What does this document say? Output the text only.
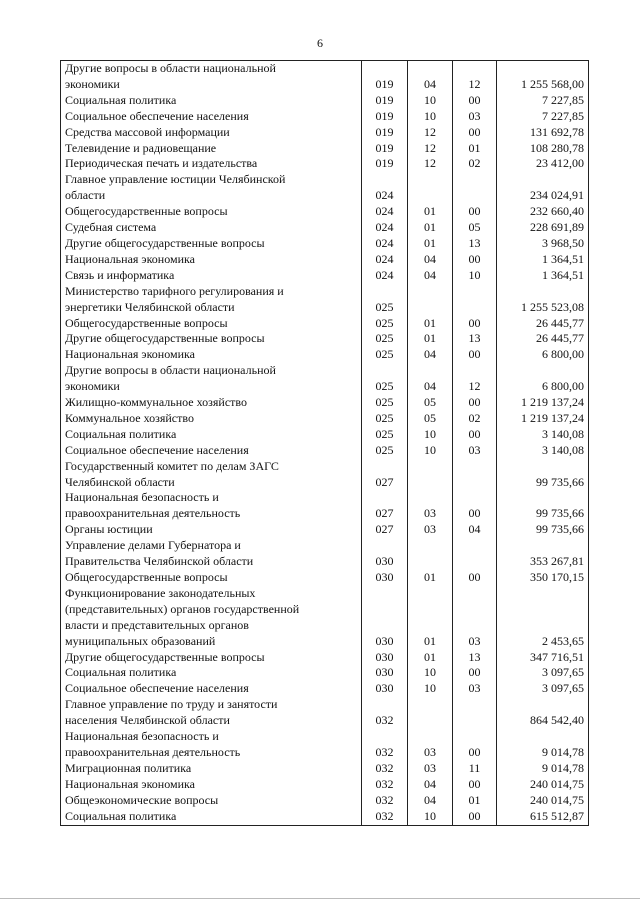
6
Другие вопросы в области национальной
экономики	019	04	12	1 255 568,00
Социальная политика	019	10	00	7 227,85
Социальное обеспечение населения	019	10	03	7 227,85
Средства массовой информации	019	12	00	131 692,78
Телевидение и радиовещание	019	12	01	108 280,78
Периодическая печать и издательства	019	12	02	23 412,00
Главное управление юстиции Челябинской
области	024			234 024,91
Общегосударственные вопросы	024	01	00	232 660,40
Судебная система	024	01	05	228 691,89
Другие общегосударственные вопросы	024	01	13	3 968,50
Национальная экономика	024	04	00	1 364,51
Связь и информатика	024	04	10	1 364,51
Министерство тарифного регулирования и
энергетики Челябинской области	025			1 255 523,08
Общегосударственные вопросы	025	01	00	26 445,77
Другие общегосударственные вопросы	025	01	13	26 445,77
Национальная экономика	025	04	00	6 800,00
Другие вопросы в области национальной
экономики	025	04	12	6 800,00
Жилищно-коммунальное хозяйство	025	05	00	1 219 137,24
Коммунальное хозяйство	025	05	02	1 219 137,24
Социальная политика	025	10	00	3 140,08
Социальное обеспечение населения	025	10	03	3 140,08
Государственный комитет по делам ЗАГС
Челябинской области	027			99 735,66
Национальная безопасность и
правоохранительная деятельность	027	03	00	99 735,66
Органы юстиции	027	03	04	99 735,66
Управление делами Губернатора и
Правительства Челябинской области	030			353 267,81
Общегосударственные вопросы	030	01	00	350 170,15
Функционирование законодательных
(представительных) органов государственной
власти и представительных органов
муниципальных образований	030	01	03	2 453,65
Другие общегосударственные вопросы	030	01	13	347 716,51
Социальная политика	030	10	00	3 097,65
Социальное обеспечение населения	030	10	03	3 097,65
Главное управление по труду и занятости
населения Челябинской области	032			864 542,40
Национальная безопасность и
правоохранительная деятельность	032	03	00	9 014,78
Миграционная политика	032	03	11	9 014,78
Национальная экономика	032	04	00	240 014,75
Общеэкономические вопросы	032	04	01	240 014,75
Социальная политика	032	10	00	615 512,87
